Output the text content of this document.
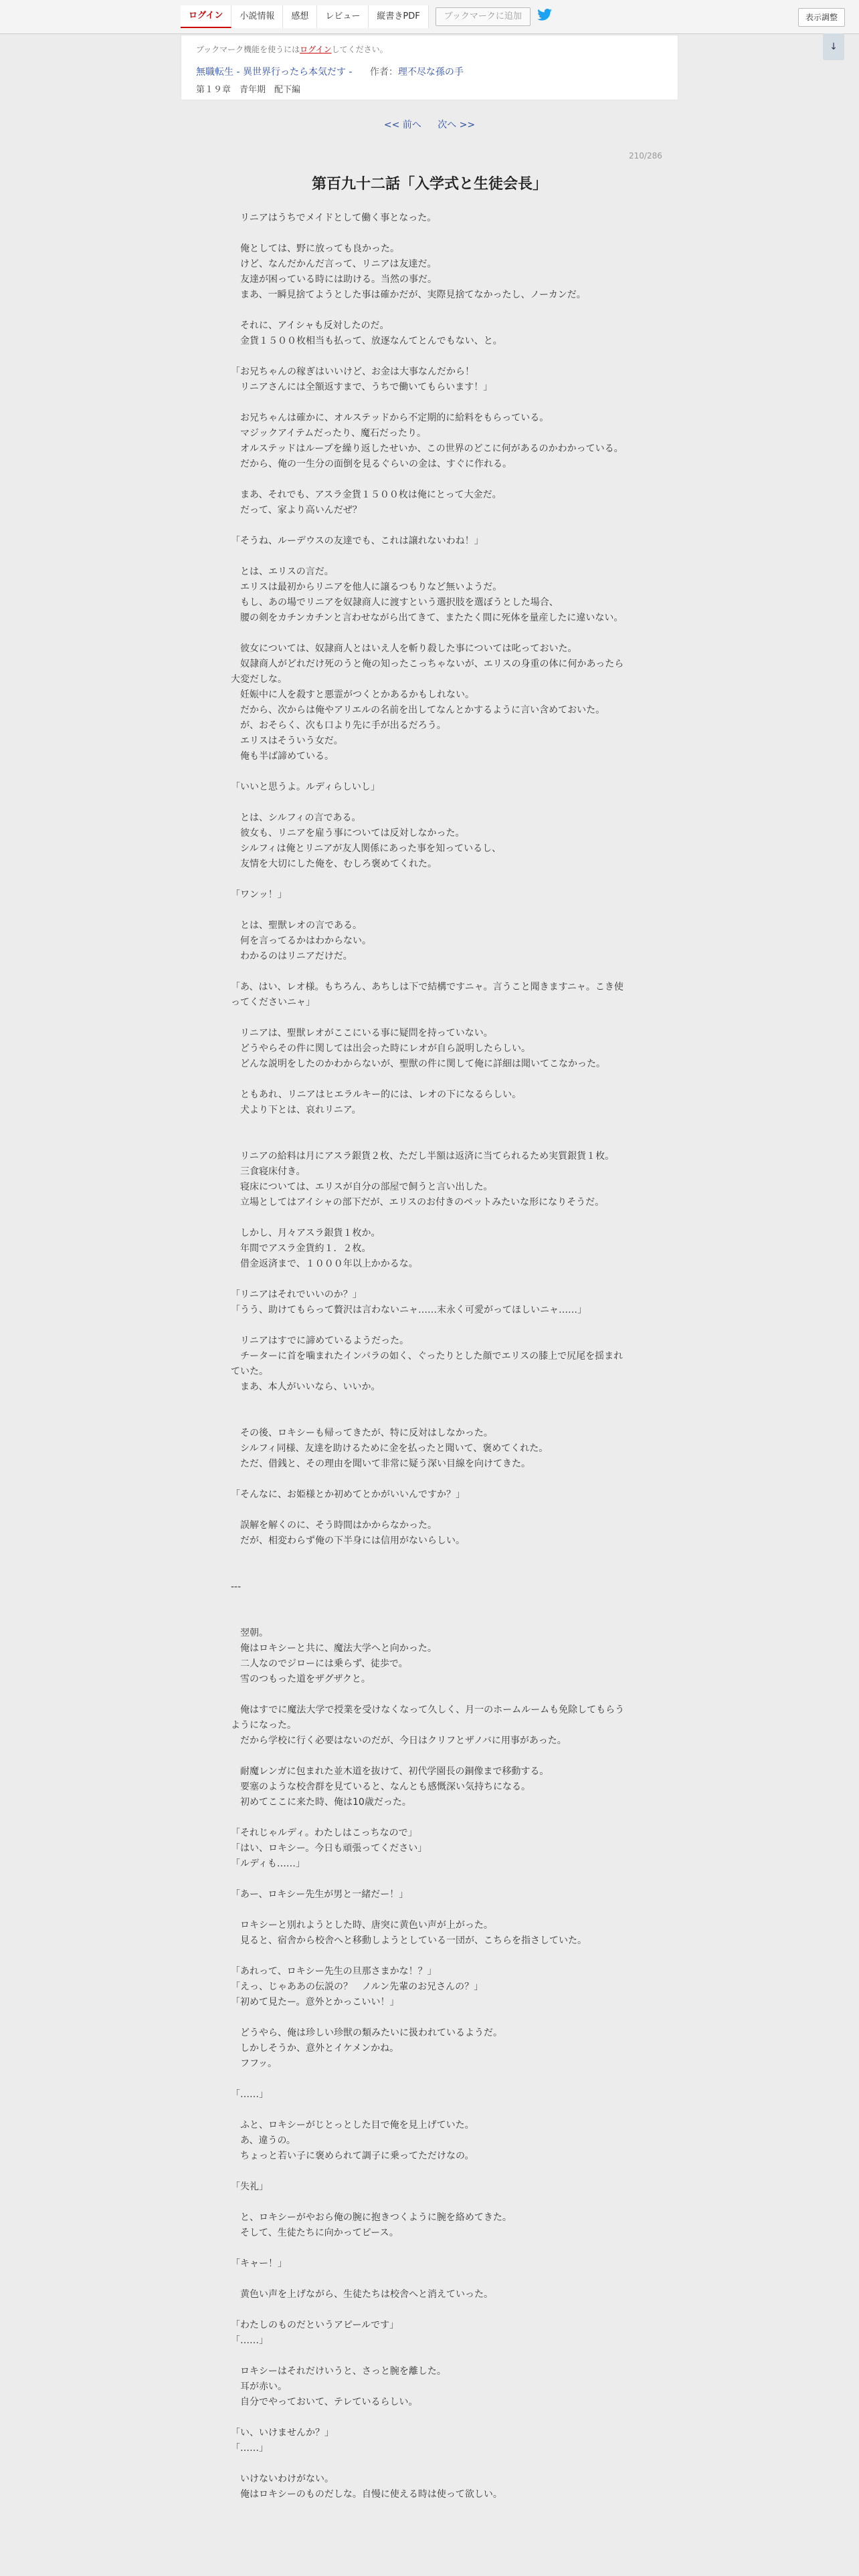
ログイン	小説情報	感想	レビュー	縦書きPDF	ブックマークに追加	表示調整
↓
ブックマーク機能を使うにはログインしてください。
無職転生 - 異世界行ったら本気だす - 作者：理不尽な孫の手
第１９章　青年期　配下編
<< 前へ 次へ >>
210/286
第百九十二話「入学式と生徒会長」

　リニアはうちでメイドとして働く事となった。

　俺としては、野に放っても良かった。

　けど、なんだかんだ言って、リニアは友達だ。

　友達が困っている時には助ける。当然の事だ。

　まあ、一瞬見捨てようとした事は確かだが、実際見捨てなかったし、ノーカンだ。

　それに、アイシャも反対したのだ。

　金貨１５００枚相当も払って、放逐なんてとんでもない、と。

「お兄ちゃんの稼ぎはいいけど、お金は大事なんだから！

　リニアさんには全額返すまで、うちで働いてもらいます！」

　お兄ちゃんは確かに、オルステッドから不定期的に給料をもらっている。

　マジックアイテムだったり、魔石だったり。

　オルステッドはループを繰り返したせいか、この世界のどこに何があるのかわかっている。

　だから、俺の一生分の面倒を見るぐらいの金は、すぐに作れる。

　まあ、それでも、アスラ金貨１５００枚は俺にとって大金だ。

　だって、家より高いんだぜ？

「そうね、ルーデウスの友達でも、これは譲れないわね！」

　とは、エリスの言だ。

　エリスは最初からリニアを他人に譲るつもりなど無いようだ。

　もし、あの場でリニアを奴隷商人に渡すという選択肢を選ぼうとした場合、

　腰の剣をカチンカチンと言わせながら出てきて、またたく間に死体を量産したに違いない。

　彼女については、奴隷商人とはいえ人を斬り殺した事については叱っておいた。

　奴隷商人がどれだけ死のうと俺の知ったこっちゃないが、エリスの身重の体に何かあったら大変だしな。

　妊娠中に人を殺すと悪霊がつくとかあるかもしれない。

　だから、次からは俺やアリエルの名前を出してなんとかするように言い含めておいた。

　が、おそらく、次も口より先に手が出るだろう。

　エリスはそういう女だ。

　俺も半ば諦めている。

「いいと思うよ。ルディらしいし」

　とは、シルフィの言である。

　彼女も、リニアを雇う事については反対しなかった。

　シルフィは俺とリニアが友人関係にあった事を知っているし、

　友情を大切にした俺を、むしろ褒めてくれた。

「ワンッ！」

　とは、聖獣レオの言である。

　何を言ってるかはわからない。

　わかるのはリニアだけだ。

「あ、はい、レオ様。もちろん、あちしは下で結構ですニャ。言うこと聞きますニャ。こき使ってくださいニャ」

　リニアは、聖獣レオがここにいる事に疑問を持っていない。

　どうやらその件に関しては出会った時にレオが自ら説明したらしい。

　どんな説明をしたのかわからないが、聖獣の件に関して俺に詳細は聞いてこなかった。

　ともあれ、リニアはヒエラルキー的には、レオの下になるらしい。

　犬より下とは、哀れリニア。

　リニアの給料は月にアスラ銀貨２枚、ただし半額は返済に当てられるため実質銀貨１枚。

　三食寝床付き。

　寝床については、エリスが自分の部屋で飼うと言い出した。

　立場としてはアイシャの部下だが、エリスのお付きのペットみたいな形になりそうだ。

　しかし、月々アスラ銀貨１枚か。

　年間でアスラ金貨約１．２枚。

　借金返済まで、１０００年以上かかるな。

「リニアはそれでいいのか？」

「うう、助けてもらって贅沢は言わないニャ……末永く可愛がってほしいニャ……」

　リニアはすでに諦めているようだった。

　チーターに首を噛まれたインパラの如く、ぐったりとした顔でエリスの膝上で尻尾を揺まれていた。

　まあ、本人がいいなら、いいか。

　その後、ロキシーも帰ってきたが、特に反対はしなかった。

　シルフィ同様、友達を助けるために金を払ったと聞いて、褒めてくれた。

　ただ、借銭と、その理由を聞いて非常に疑う深い目線を向けてきた。

「そんなに、お姫様とか初めてとかがいいんですか？」

　誤解を解くのに、そう時間はかからなかった。

　だが、相変わらず俺の下半身には信用がないらしい。

---

　翌朝。

　俺はロキシーと共に、魔法大学へと向かった。

　二人なのでジローには乗らず、徒歩で。

　雪のつもった道をザグザクと。

　俺はすでに魔法大学で授業を受けなくなって久しく、月一のホームルームも免除してもらうようになった。

　だから学校に行く必要はないのだが、今日はクリフとザノバに用事があった。

　耐魔レンガに包まれた並木道を抜けて、初代学園長の銅像まで移動する。

　要塞のような校舎群を見ていると、なんとも感慨深い気持ちになる。

　初めてここに来た時、俺は10歳だった。

「それじゃルディ。わたしはこっちなので」

「はい、ロキシー。今日も頑張ってください」

「ルディも……」

「あー、ロキシー先生が男と一緒だー！」

　ロキシーと別れようとした時、唐突に黄色い声が上がった。

　見ると、宿舎から校舎へと移動しようとしている一団が、こちらを指さしていた。

「あれって、ロキシー先生の旦那さまかな！？」

「えっ、じゃああの伝説の？　ノルン先輩のお兄さんの？」

「初めて見たー。意外とかっこいい！」

　どうやら、俺は珍しい珍獣の類みたいに扱われているようだ。

　しかしそうか、意外とイケメンかね。

　フフッ。

「……」

　ふと、ロキシーがじとっとした目で俺を見上げていた。

　あ、違うの。

　ちょっと若い子に褒められて調子に乗ってただけなの。

「失礼」

　と、ロキシーがやおら俺の腕に抱きつくように腕を絡めてきた。

　そして、生徒たちに向かってピース。

「キャー！」

　黄色い声を上げながら、生徒たちは校舎へと消えていった。

「わたしのものだというアピールです」

「……」

　ロキシーはそれだけいうと、さっと腕を離した。

　耳が赤い。

　自分でやっておいて、テレているらしい。

「い、いけませんか？」

「……」

　いけないわけがない。

　俺はロキシーのものだしな。自慢に使える時は使って欲しい。
